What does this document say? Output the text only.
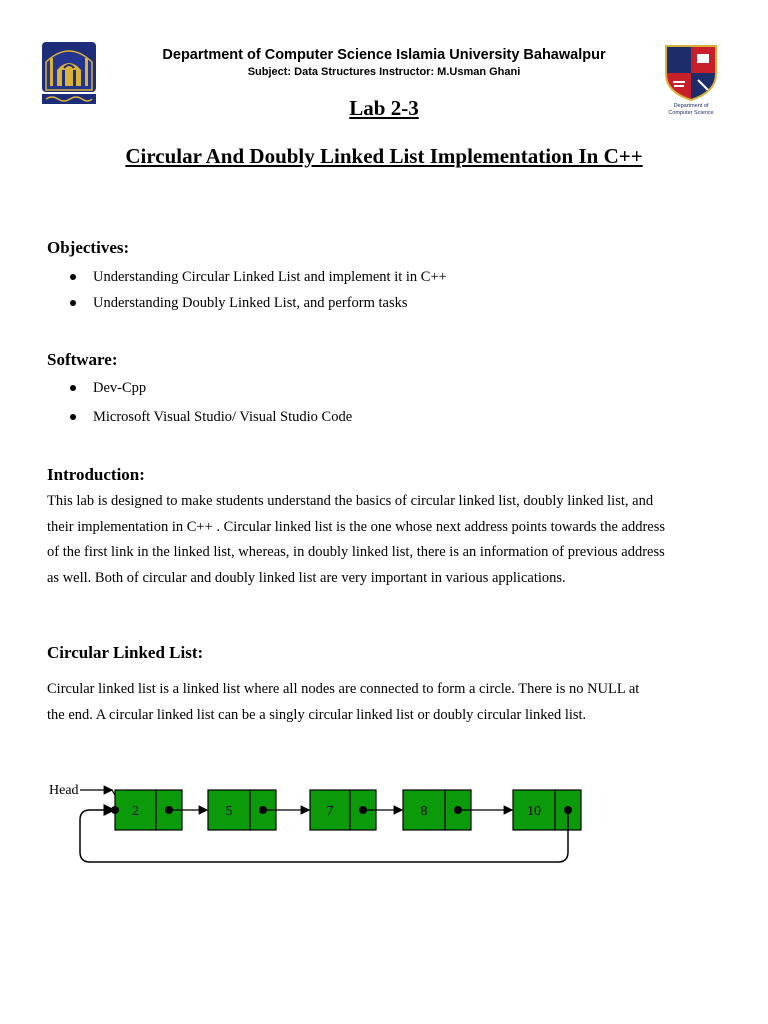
Department of
Computer Science
Department of Computer Science Islamia University Bahawalpur
Subject: Data Structures Instructor: M.Usman Ghani
Lab 2-3
Circular And Doubly Linked List Implementation In C++
Objectives:
Understanding Circular Linked List and implement it in C++
Understanding Doubly Linked List, and perform tasks
Software:
Dev-Cpp
Microsoft Visual Studio/ Visual Studio Code
Introduction:
This lab is designed to make students understand the basics of circular linked list, doubly linked list, and
their implementation in C++ . Circular linked list is the one whose next address points towards the address
of the first link in the linked list, whereas, in doubly linked list, there is an information of previous address
as well. Both of circular and doubly linked list are very important in various applications.
Circular Linked List:
Circular linked list is a linked list where all nodes are connected to form a circle. There is no NULL at
the end. A circular linked list can be a singly circular linked list or doubly circular linked list.
Head
2	5	7	8	10
